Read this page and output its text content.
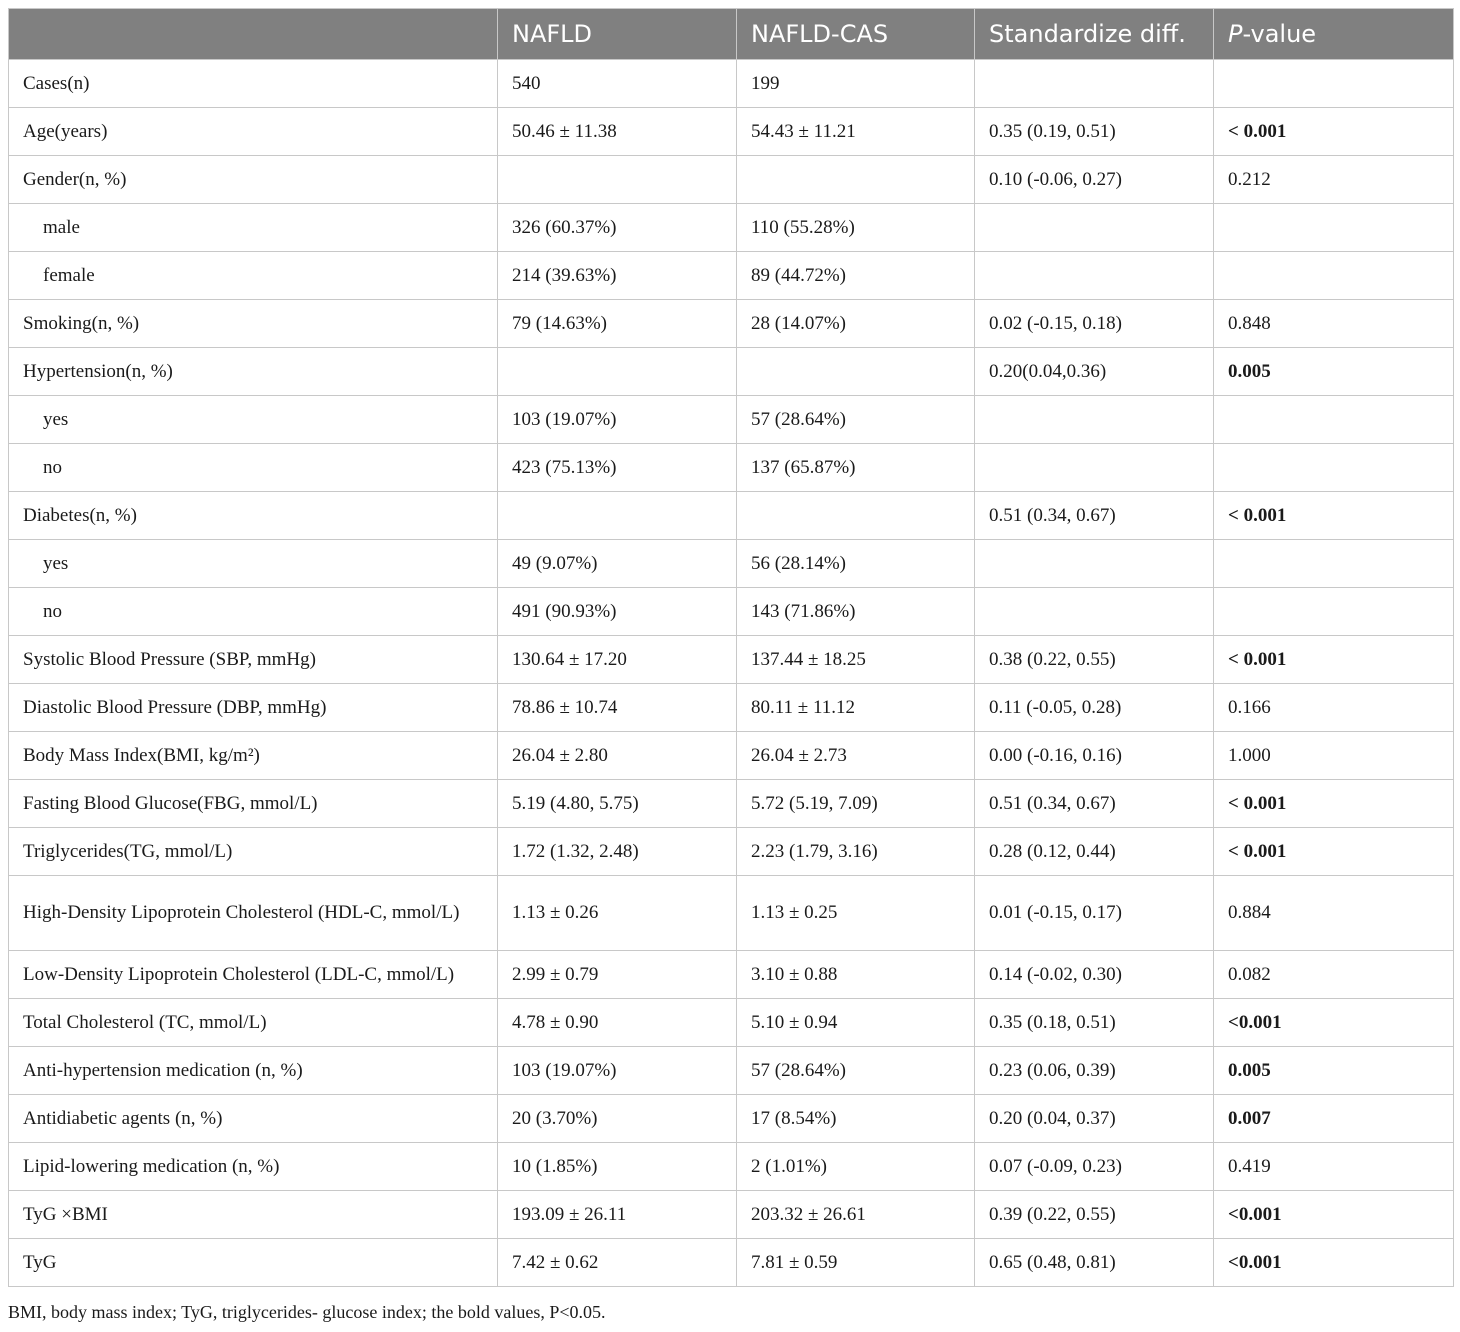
	NAFLD	NAFLD-CAS	Standardize diff.	P-value
Cases(n)	540	199		
Age(years)	50.46 ± 11.38	54.43 ± 11.21	0.35 (0.19, 0.51)	< 0.001
Gender(n, %)			0.10 (-0.06, 0.27)	0.212
male	326 (60.37%)	110 (55.28%)		
female	214 (39.63%)	89 (44.72%)		
Smoking(n, %)	79 (14.63%)	28 (14.07%)	0.02 (-0.15, 0.18)	0.848
Hypertension(n, %)			0.20(0.04,0.36)	0.005
yes	103 (19.07%)	57 (28.64%)		
no	423 (75.13%)	137 (65.87%)		
Diabetes(n, %)			0.51 (0.34, 0.67)	< 0.001
yes	49 (9.07%)	56 (28.14%)		
no	491 (90.93%)	143 (71.86%)		
Systolic Blood Pressure (SBP, mmHg)	130.64 ± 17.20	137.44 ± 18.25	0.38 (0.22, 0.55)	< 0.001
Diastolic Blood Pressure (DBP, mmHg)	78.86 ± 10.74	80.11 ± 11.12	0.11 (-0.05, 0.28)	0.166
Body Mass Index(BMI, kg/m²)	26.04 ± 2.80	26.04 ± 2.73	0.00 (-0.16, 0.16)	1.000
Fasting Blood Glucose(FBG, mmol/L)	5.19 (4.80, 5.75)	5.72 (5.19, 7.09)	0.51 (0.34, 0.67)	< 0.001
Triglycerides(TG, mmol/L)	1.72 (1.32, 2.48)	2.23 (1.79, 3.16)	0.28 (0.12, 0.44)	< 0.001
High-Density Lipoprotein Cholesterol (HDL-C, mmol/L)	1.13 ± 0.26	1.13 ± 0.25	0.01 (-0.15, 0.17)	0.884
Low-Density Lipoprotein Cholesterol (LDL-C, mmol/L)	2.99 ± 0.79	3.10 ± 0.88	0.14 (-0.02, 0.30)	0.082
Total Cholesterol (TC, mmol/L)	4.78 ± 0.90	5.10 ± 0.94	0.35 (0.18, 0.51)	<0.001
Anti-hypertension medication (n, %)	103 (19.07%)	57 (28.64%)	0.23 (0.06, 0.39)	0.005
Antidiabetic agents (n, %)	20 (3.70%)	17 (8.54%)	0.20 (0.04, 0.37)	0.007
Lipid-lowering medication (n, %)	10 (1.85%)	2 (1.01%)	0.07 (-0.09, 0.23)	0.419
TyG ×BMI	193.09 ± 26.11	203.32 ± 26.61	0.39 (0.22, 0.55)	<0.001
TyG	7.42 ± 0.62	7.81 ± 0.59	0.65 (0.48, 0.81)	<0.001
BMI, body mass index; TyG, triglycerides- glucose index; the bold values, P<0.05.
